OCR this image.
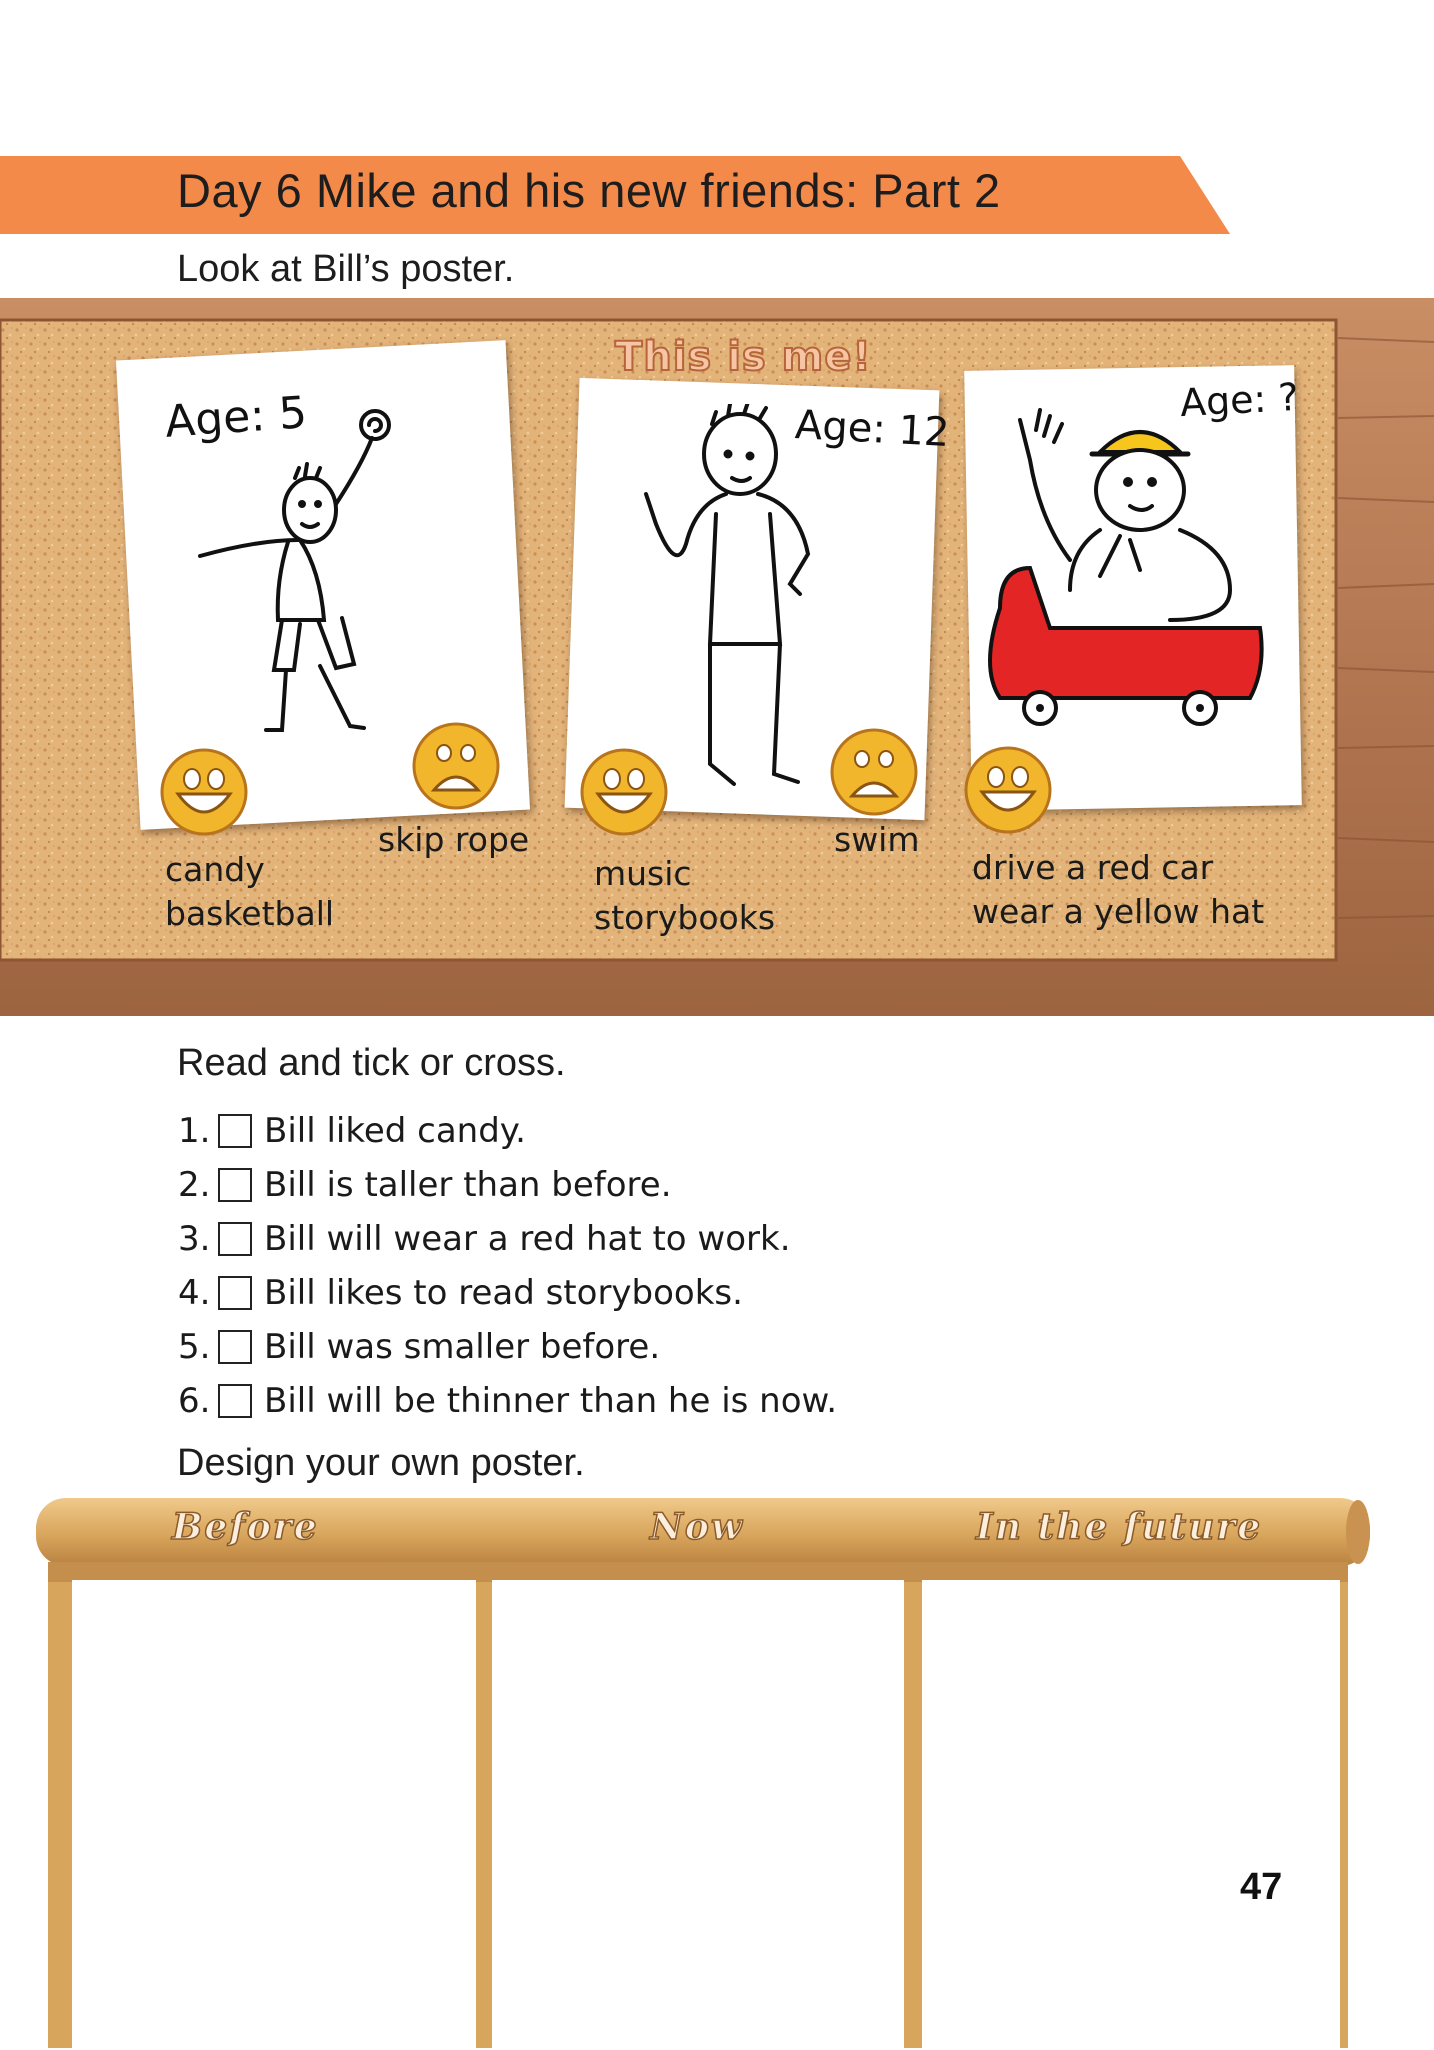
Day 6 Mike and his new friends: Part 2
Look at Bill’s poster.
This is me!
Age: 5
candy
basketball
skip rope
Age: 12
music
storybooks
swim
Age: ?
drive a red car
wear a yellow hat
Read and tick or cross.
1. Bill liked candy.
2. Bill is taller than before.
3. Bill will wear a red hat to work.
4. Bill likes to read storybooks.
5. Bill was smaller before.
6. Bill will be thinner than he is now.
Design your own poster.
Before	Now	In the future
47
